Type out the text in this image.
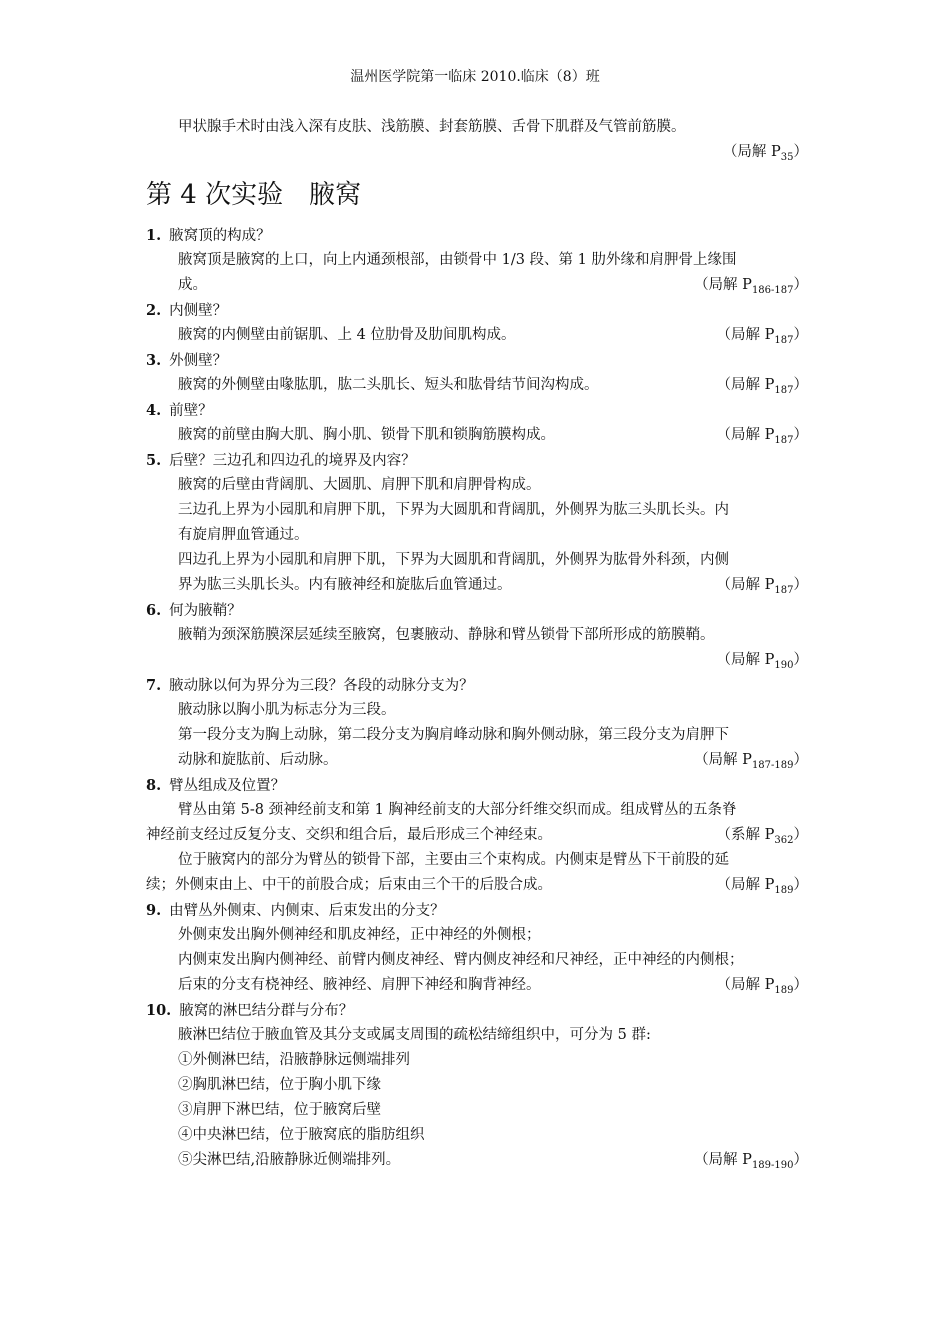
温州医学院第一临床 2010.临床（8）班
甲状腺手术时由浅入深有皮肤、浅筋膜、封套筋膜、舌骨下肌群及气管前筋膜。
（局解 $P_{35}$）
第 4 次实验　腋窝
1. 腋窝顶的构成？
腋窝顶是腋窝的上口，向上内通颈根部，由锁骨中 1/3 段、第 1 肋外缘和肩胛骨上缘围
成。	（局解 $P_{186-187}$）
2. 内侧壁？
腋窝的内侧壁由前锯肌、上 4 位肋骨及肋间肌构成。	（局解 $P_{187}$）
3. 外侧壁？
腋窝的外侧壁由喙肱肌，肱二头肌长、短头和肱骨结节间沟构成。	（局解 $P_{187}$）
4. 前壁？
腋窝的前壁由胸大肌、胸小肌、锁骨下肌和锁胸筋膜构成。	（局解 $P_{187}$）
5. 后壁？三边孔和四边孔的境界及内容？
腋窝的后壁由背阔肌、大圆肌、肩胛下肌和肩胛骨构成。
三边孔上界为小园肌和肩胛下肌，下界为大圆肌和背阔肌，外侧界为肱三头肌长头。内
有旋肩胛血管通过。
四边孔上界为小园肌和肩胛下肌，下界为大圆肌和背阔肌，外侧界为肱骨外科颈，内侧
界为肱三头肌长头。内有腋神经和旋肱后血管通过。	（局解 $P_{187}$）
6. 何为腋鞘？
腋鞘为颈深筋膜深层延续至腋窝，包裹腋动、静脉和臂丛锁骨下部所形成的筋膜鞘。
（局解 $P_{190}$）
7. 腋动脉以何为界分为三段？各段的动脉分支为？
腋动脉以胸小肌为标志分为三段。
第一段分支为胸上动脉，第二段分支为胸肩峰动脉和胸外侧动脉，第三段分支为肩胛下
动脉和旋肱前、后动脉。	（局解 $P_{187-189}$）
8. 臂丛组成及位置？
臂丛由第 5-8 颈神经前支和第 1 胸神经前支的大部分纤维交织而成。组成臂丛的五条脊
神经前支经过反复分支、交织和组合后，最后形成三个神经束。	（系解 $P_{362}$）
位于腋窝内的部分为臂丛的锁骨下部，主要由三个束构成。内侧束是臂丛下干前股的延
续；外侧束由上、中干的前股合成；后束由三个干的后股合成。	（局解 $P_{189}$）
9. 由臂丛外侧束、内侧束、后束发出的分支？
外侧束发出胸外侧神经和肌皮神经，正中神经的外侧根；
内侧束发出胸内侧神经、前臂内侧皮神经、臂内侧皮神经和尺神经，正中神经的内侧根；
后束的分支有桡神经、腋神经、肩胛下神经和胸背神经。	（局解 $P_{189}$）
10. 腋窝的淋巴结分群与分布？
腋淋巴结位于腋血管及其分支或属支周围的疏松结缔组织中，可分为 5 群:
①外侧淋巴结，沿腋静脉远侧端排列
②胸肌淋巴结，位于胸小肌下缘
③肩胛下淋巴结，位于腋窝后壁
④中央淋巴结，位于腋窝底的脂肪组织
⑤尖淋巴结,沿腋静脉近侧端排列。	（局解 $P_{189-190}$）
